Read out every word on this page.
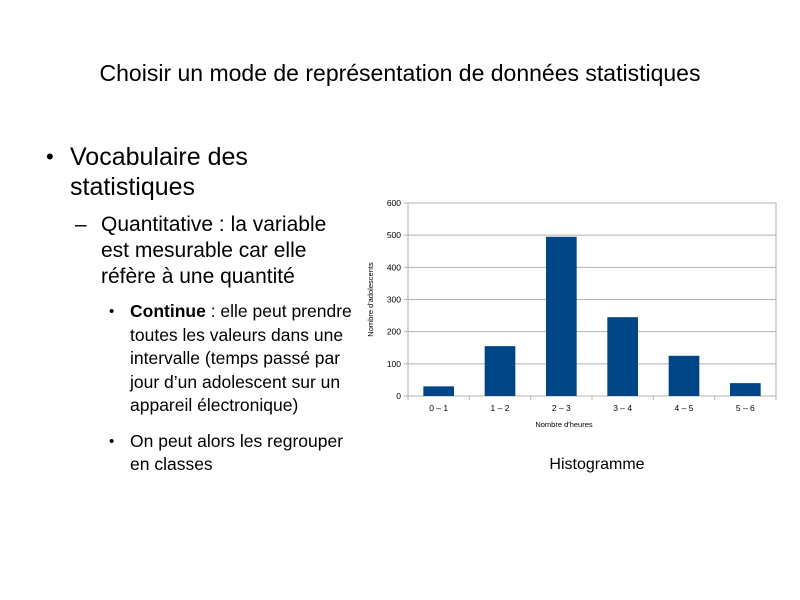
Choisir un mode de représentation de données statistiques
• Vocabulaire des statistiques
– Quantitative : la variable est mesurable car elle réfère à une quantité
• Continue : elle peut prendre toutes les valeurs dans une intervalle (temps passé par jour d’un adolescent sur un appareil électronique)
• On peut alors les regrouper en classes
0
100
200
300
400
500
600
0 – 1	1 – 2	2 – 3	3 – 4	4 – 5	5 – 6
Nombre d'heures
Nombre d'adolescents
Histogramme
